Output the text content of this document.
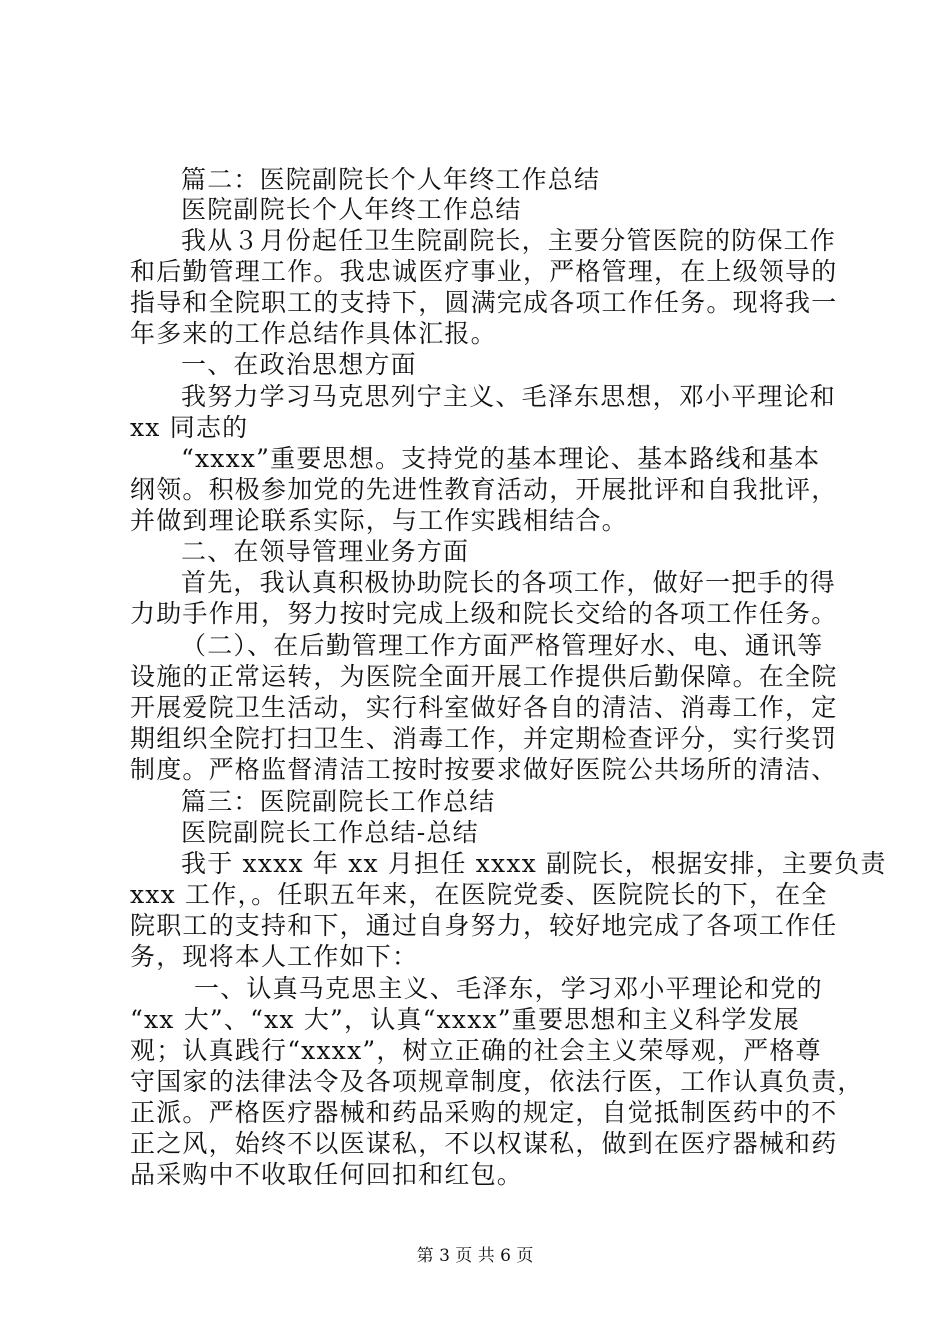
篇二：医院副院长个人年终工作总结
医院副院长个人年终工作总结
我从３月份起任卫生院副院长，主要分管医院的防保工作
和后勤管理工作。我忠诚医疗事业，严格管理，在上级领导的
指导和全院职工的支持下，圆满完成各项工作任务。现将我一
年多来的工作总结作具体汇报。
一、在政治思想方面
我努力学习马克思列宁主义、毛泽东思想，邓小平理论和
xx 同志的
“xxxx”重要思想。支持党的基本理论、基本路线和基本
纲领。积极参加党的先进性教育活动，开展批评和自我批评，
并做到理论联系实际，与工作实践相结合。
二、在领导管理业务方面
首先，我认真积极协助院长的各项工作，做好一把手的得
力助手作用，努力按时完成上级和院长交给的各项工作任务。
（二）、在后勤管理工作方面严格管理好水、电、通讯等
设施的正常运转，为医院全面开展工作提供后勤保障。在全院
开展爱院卫生活动，实行科室做好各自的清洁、消毒工作，定
期组织全院打扫卫生、消毒工作，并定期检查评分，实行奖罚
制度。严格监督清洁工按时按要求做好医院公共场所的清洁、
篇三：医院副院长工作总结
医院副院长工作总结-总结
我于 xxxx 年 xx 月担任 xxxx 副院长，根据安排，主要负责
xxx 工作，。任职五年来，在医院党委、医院院长的下，在全
院职工的支持和下，通过自身努力，较好地完成了各项工作任
务，现将本人工作如下：
一、认真马克思主义、毛泽东，学习邓小平理论和党的
“xx 大”、“xx 大”，认真“xxxx”重要思想和主义科学发展
观；认真践行“xxxx”，树立正确的社会主义荣辱观，严格尊
守国家的法律法令及各项规章制度，依法行医，工作认真负责，
正派。严格医疗器械和药品采购的规定，自觉抵制医药中的不
正之风，始终不以医谋私，不以权谋私，做到在医疗器械和药
品采购中不收取任何回扣和红包。
第 3 页 共 6 页
